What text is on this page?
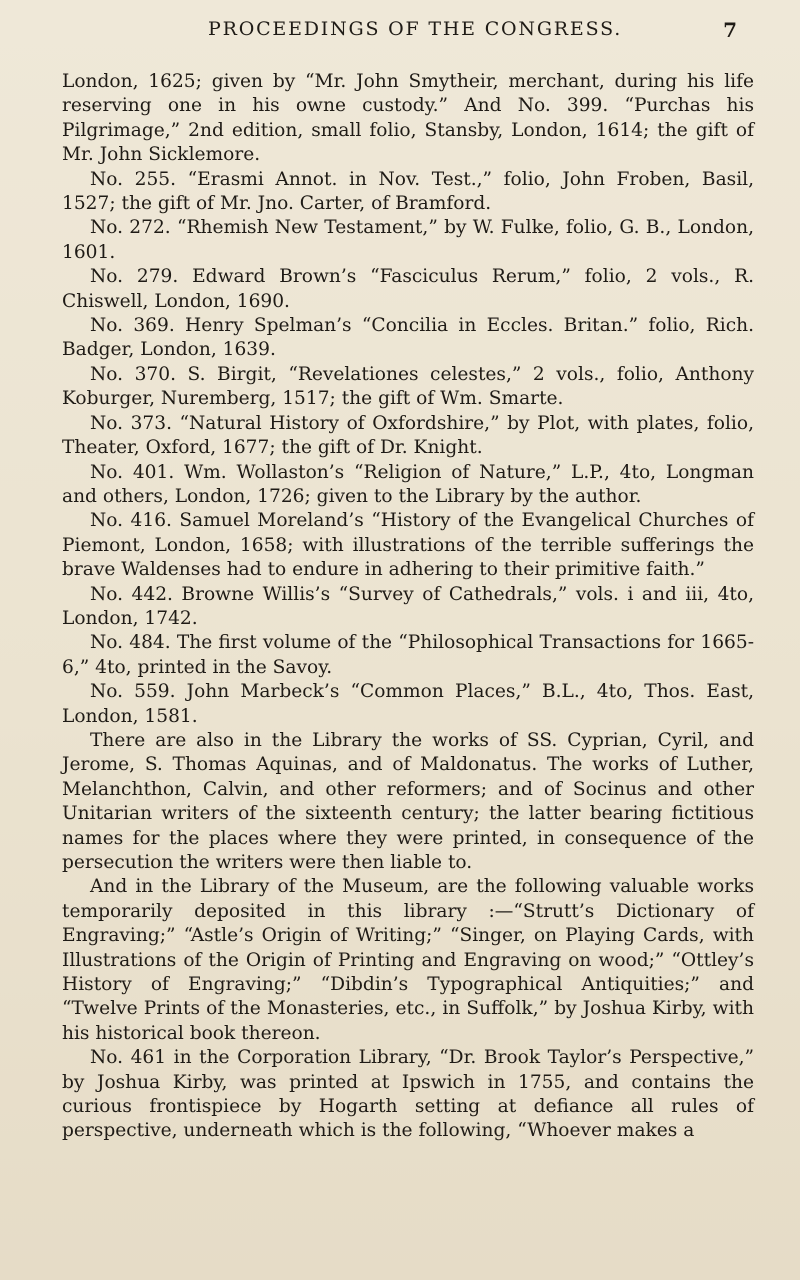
PROCEEDINGS OF THE CONGRESS.	7

London, 1625; given by “Mr. John Smytheir, merchant, during his life reserving one in his owne custody.” And No. 399. “Purchas his Pilgrimage,” 2nd edition, small folio, Stansby, London, 1614; the gift of Mr. John Sicklemore.

No. 255. “Erasmi Annot. in Nov. Test.,” folio, John Froben, Basil, 1527; the gift of Mr. Jno. Carter, of Bramford.

No. 272. “Rhemish New Testament,” by W. Fulke, folio, G. B., London, 1601.

No. 279. Edward Brown’s “Fasciculus Rerum,” folio, 2 vols., R. Chiswell, London, 1690.

No. 369. Henry Spelman’s “Concilia in Eccles. Britan.” folio, Rich. Badger, London, 1639.

No. 370. S. Birgit, “Revelationes celestes,” 2 vols., folio, Anthony Koburger, Nuremberg, 1517; the gift of Wm. Smarte.

No. 373. “Natural History of Oxfordshire,” by Plot, with plates, folio, Theater, Oxford, 1677; the gift of Dr. Knight.

No. 401. Wm. Wollaston’s “Religion of Nature,” L.P., 4to, Longman and others, London, 1726; given to the Library by the author.

No. 416. Samuel Moreland’s “History of the Evangelical Churches of Piemont, London, 1658; with illustrations of the terrible sufferings the brave Waldenses had to endure in adhering to their primitive faith.”

No. 442. Browne Willis’s “Survey of Cathedrals,” vols. i and iii, 4to, London, 1742.

No. 484. The first volume of the “Philosophical Transactions for 1665-6,” 4to, printed in the Savoy.

No. 559. John Marbeck’s “Common Places,” B.L., 4to, Thos. East, London, 1581.

There are also in the Library the works of SS. Cyprian, Cyril, and Jerome, S. Thomas Aquinas, and of Maldonatus. The works of Luther, Melanchthon, Calvin, and other reformers; and of Socinus and other Unitarian writers of the sixteenth century; the latter bearing fictitious names for the places where they were printed, in consequence of the persecution the writers were then liable to.

And in the Library of the Museum, are the following valuable works temporarily deposited in this library :—“Strutt’s Dictionary of Engraving;” “Astle’s Origin of Writing;” “Singer, on Playing Cards, with Illustrations of the Origin of Printing and Engraving on wood;” “Ottley’s History of Engraving;” “Dibdin’s Typographical Antiquities;” and “Twelve Prints of the Monasteries, etc., in Suffolk,” by Joshua Kirby, with his historical book thereon.

No. 461 in the Corporation Library, “Dr. Brook Taylor’s Perspective,” by Joshua Kirby, was printed at Ipswich in 1755, and contains the curious frontispiece by Hogarth setting at defiance all rules of perspective, underneath which is the following, “Whoever makes a
